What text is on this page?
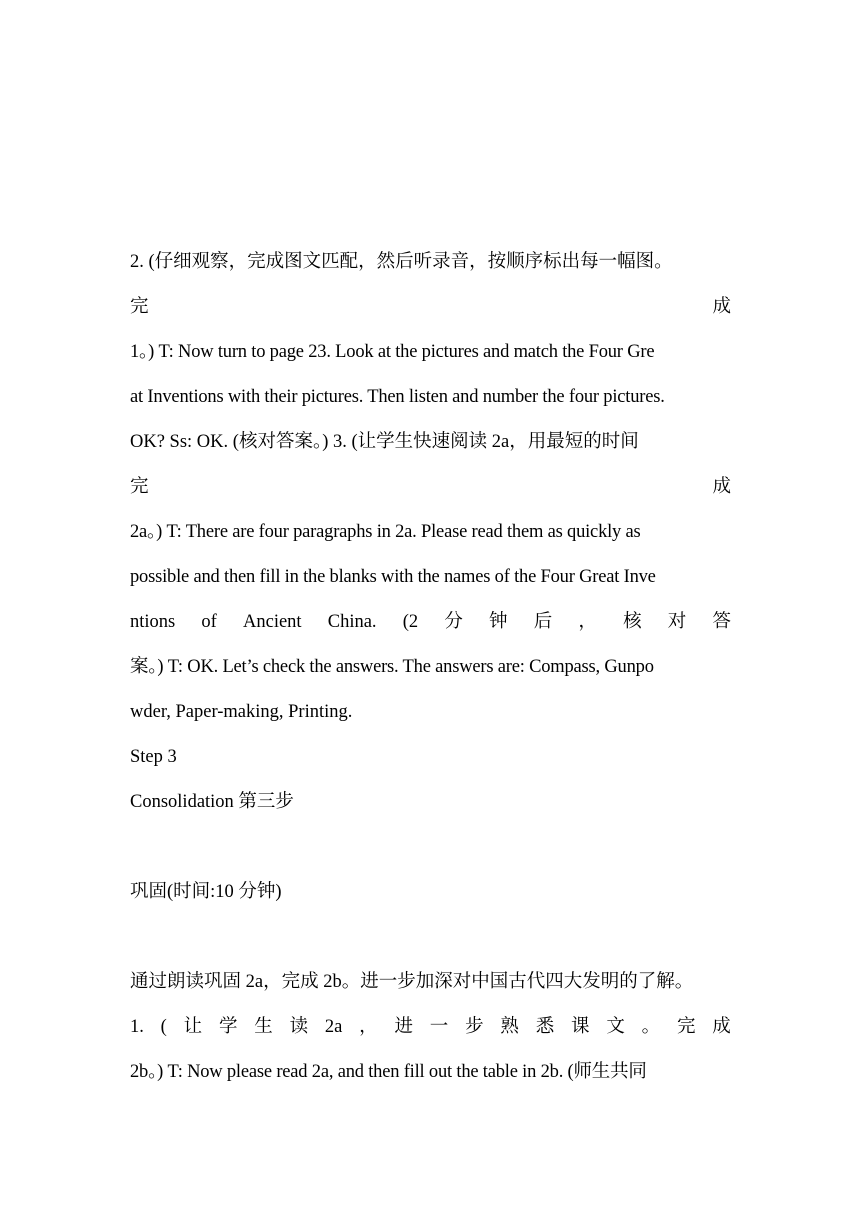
2. (仔细观察，完成图文匹配，然后听录音，按顺序标出每一幅图。
完	成
1。) T: Now turn to page 23. Look at the pictures and match the Four Gre
at Inventions with their pictures. Then listen and number the four pictures.
OK? Ss: OK. (核对答案。) 3. (让学生快速阅读 2a，用最短的时间
完	成
2a。) T: There are four paragraphs in 2a. Please read them as quickly as
possible and then fill in the blanks with the names of the Four Great Inve
ntions of Ancient China. (2 分 钟 后 ， 核 对 答
案。) T: OK. Let’s check the answers. The answers are: Compass, Gunpo
wder, Paper-making, Printing.
Step 3
Consolidation 第三步
巩固(时间:10 分钟)
通过朗读巩固 2a，完成 2b。进一步加深对中国古代四大发明的了解。
1. ( 让 学 生 读 2a ， 进 一 步 熟 悉 课 文 。 完 成
2b。) T: Now please read 2a, and then fill out the table in 2b. (师生共同
